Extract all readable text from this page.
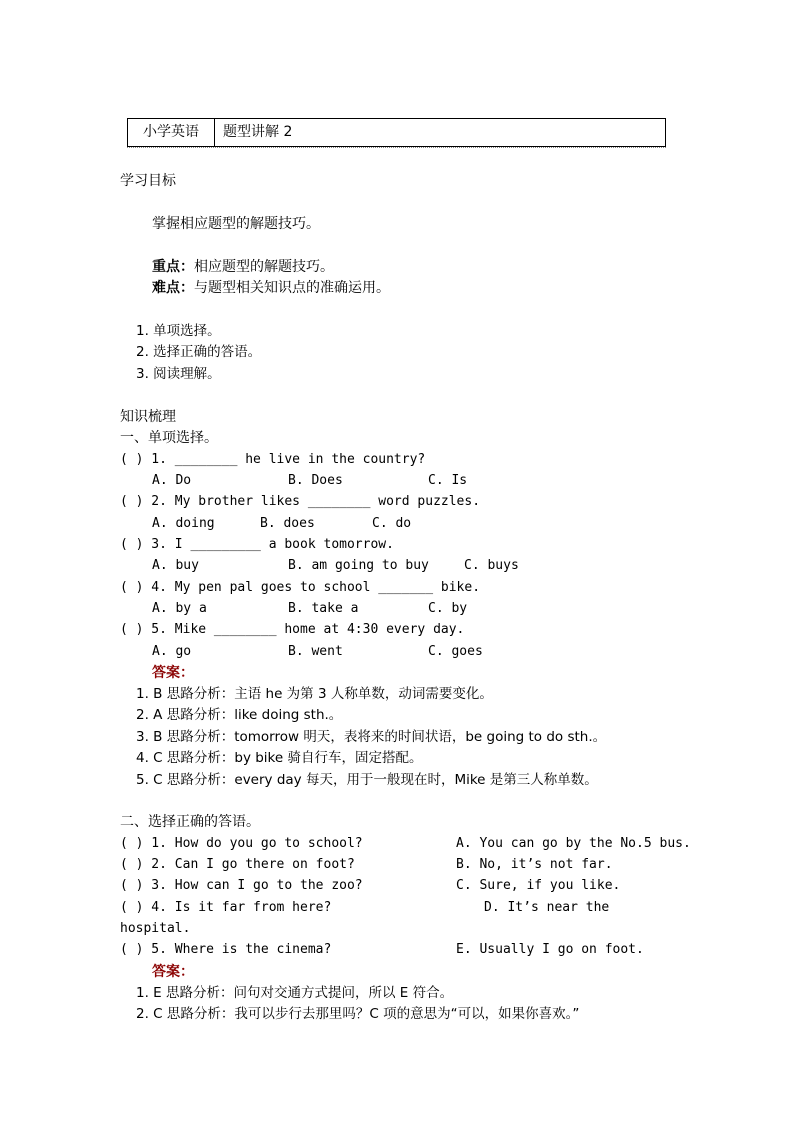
小学英语	题型讲解 2
学习目标
掌握相应题型的解题技巧。
重点：相应题型的解题技巧。
难点：与题型相关知识点的准确运用。
1. 单项选择。
2. 选择正确的答语。
3. 阅读理解。
知识梳理
一、单项选择。
( ) 1. ________ he live in the country?
A. Do	B. Does	C. Is
( ) 2. My brother likes ________ word puzzles.
A. doing	B. does	C. do
( ) 3. I _________ a book tomorrow.
A. buy	B. am going to buy	C. buys
( ) 4. My pen pal goes to school _______ bike.
A. by a	B. take a	C. by
( ) 5. Mike ________ home at 4:30 every day.
A. go	B. went	C. goes
答案：
1. B 思路分析：主语 he 为第 3 人称单数，动词需要变化。
2. A 思路分析：like doing sth.。
3. B 思路分析：tomorrow 明天，表将来的时间状语，be going to do sth.。
4. C 思路分析：by bike 骑自行车，固定搭配。
5. C 思路分析：every day 每天，用于一般现在时，Mike 是第三人称单数。
二、选择正确的答语。
( ) 1. How do you go to school?	A. You can go by the No.5 bus.
( ) 2. Can I go there on foot?	B. No, it’s not far.
( ) 3. How can I go to the zoo?	C. Sure, if you like.
( ) 4. Is it far from here?	D. It’s near the
hospital.
( ) 5. Where is the cinema?	E. Usually I go on foot.
答案：
1. E 思路分析：问句对交通方式提问，所以 E 符合。
2. C 思路分析：我可以步行去那里吗？C 项的意思为“可以，如果你喜欢。”
